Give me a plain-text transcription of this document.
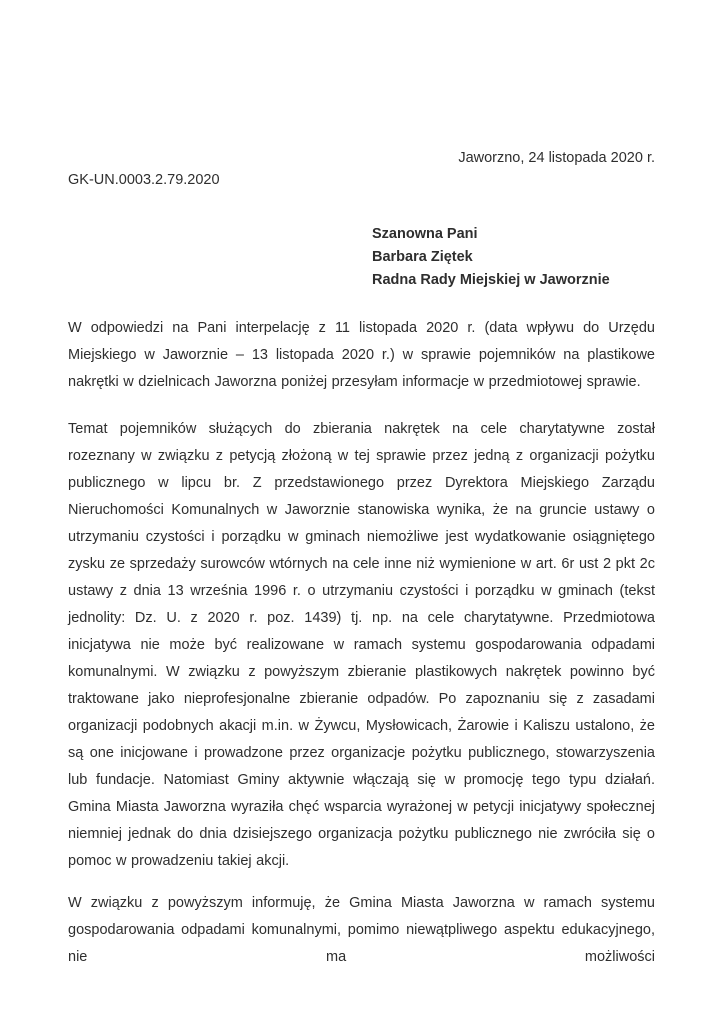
Jaworzno, 24 listopada 2020 r.
GK-UN.0003.2.79.2020
Szanowna Pani
Barbara Ziętek
Radna Rady Miejskiej w Jaworznie

W odpowiedzi na Pani interpelację z 11 listopada 2020 r. (data wpływu do Urzędu Miejskiego w Jaworznie – 13 listopada 2020 r.) w sprawie pojemników na plastikowe nakrętki w dzielnicach Jaworzna poniżej przesyłam informacje w przedmiotowej sprawie.

Temat pojemników służących do zbierania nakrętek na cele charytatywne został rozeznany w związku z petycją złożoną w tej sprawie przez jedną z organizacji pożytku publicznego w lipcu br. Z przedstawionego przez Dyrektora Miejskiego Zarządu Nieruchomości Komunalnych w Jaworznie stanowiska wynika, że na gruncie ustawy o utrzymaniu czystości i porządku w gminach niemożliwe jest wydatkowanie osiągniętego zysku ze sprzedaży surowców wtórnych na cele inne niż wymienione w art. 6r ust 2 pkt 2c ustawy z dnia 13 września 1996 r. o utrzymaniu czystości i porządku w gminach (tekst jednolity: Dz. U. z 2020 r. poz. 1439) tj. np. na cele charytatywne. Przedmiotowa inicjatywa nie może być realizowane w ramach systemu gospodarowania odpadami komunalnymi. W związku z powyższym zbieranie plastikowych nakrętek powinno być traktowane jako nieprofesjonalne zbieranie odpadów. Po zapoznaniu się z zasadami organizacji podobnych akacji m.in. w Żywcu, Mysłowicach, Żarowie i Kaliszu ustalono, że są one inicjowane i prowadzone przez organizacje pożytku publicznego, stowarzyszenia lub fundacje. Natomiast Gminy aktywnie włączają się w promocję tego typu działań. Gmina Miasta Jaworzna wyraziła chęć wsparcia wyrażonej w petycji inicjatywy społecznej niemniej jednak do dnia dzisiejszego organizacja pożytku publicznego nie zwróciła się o pomoc w prowadzeniu takiej akcji.

W związku z powyższym informuję, że Gmina Miasta Jaworzna w ramach systemu gospodarowania odpadami komunalnymi, pomimo niewątpliwego aspektu edukacyjnego, nie ma możliwości
